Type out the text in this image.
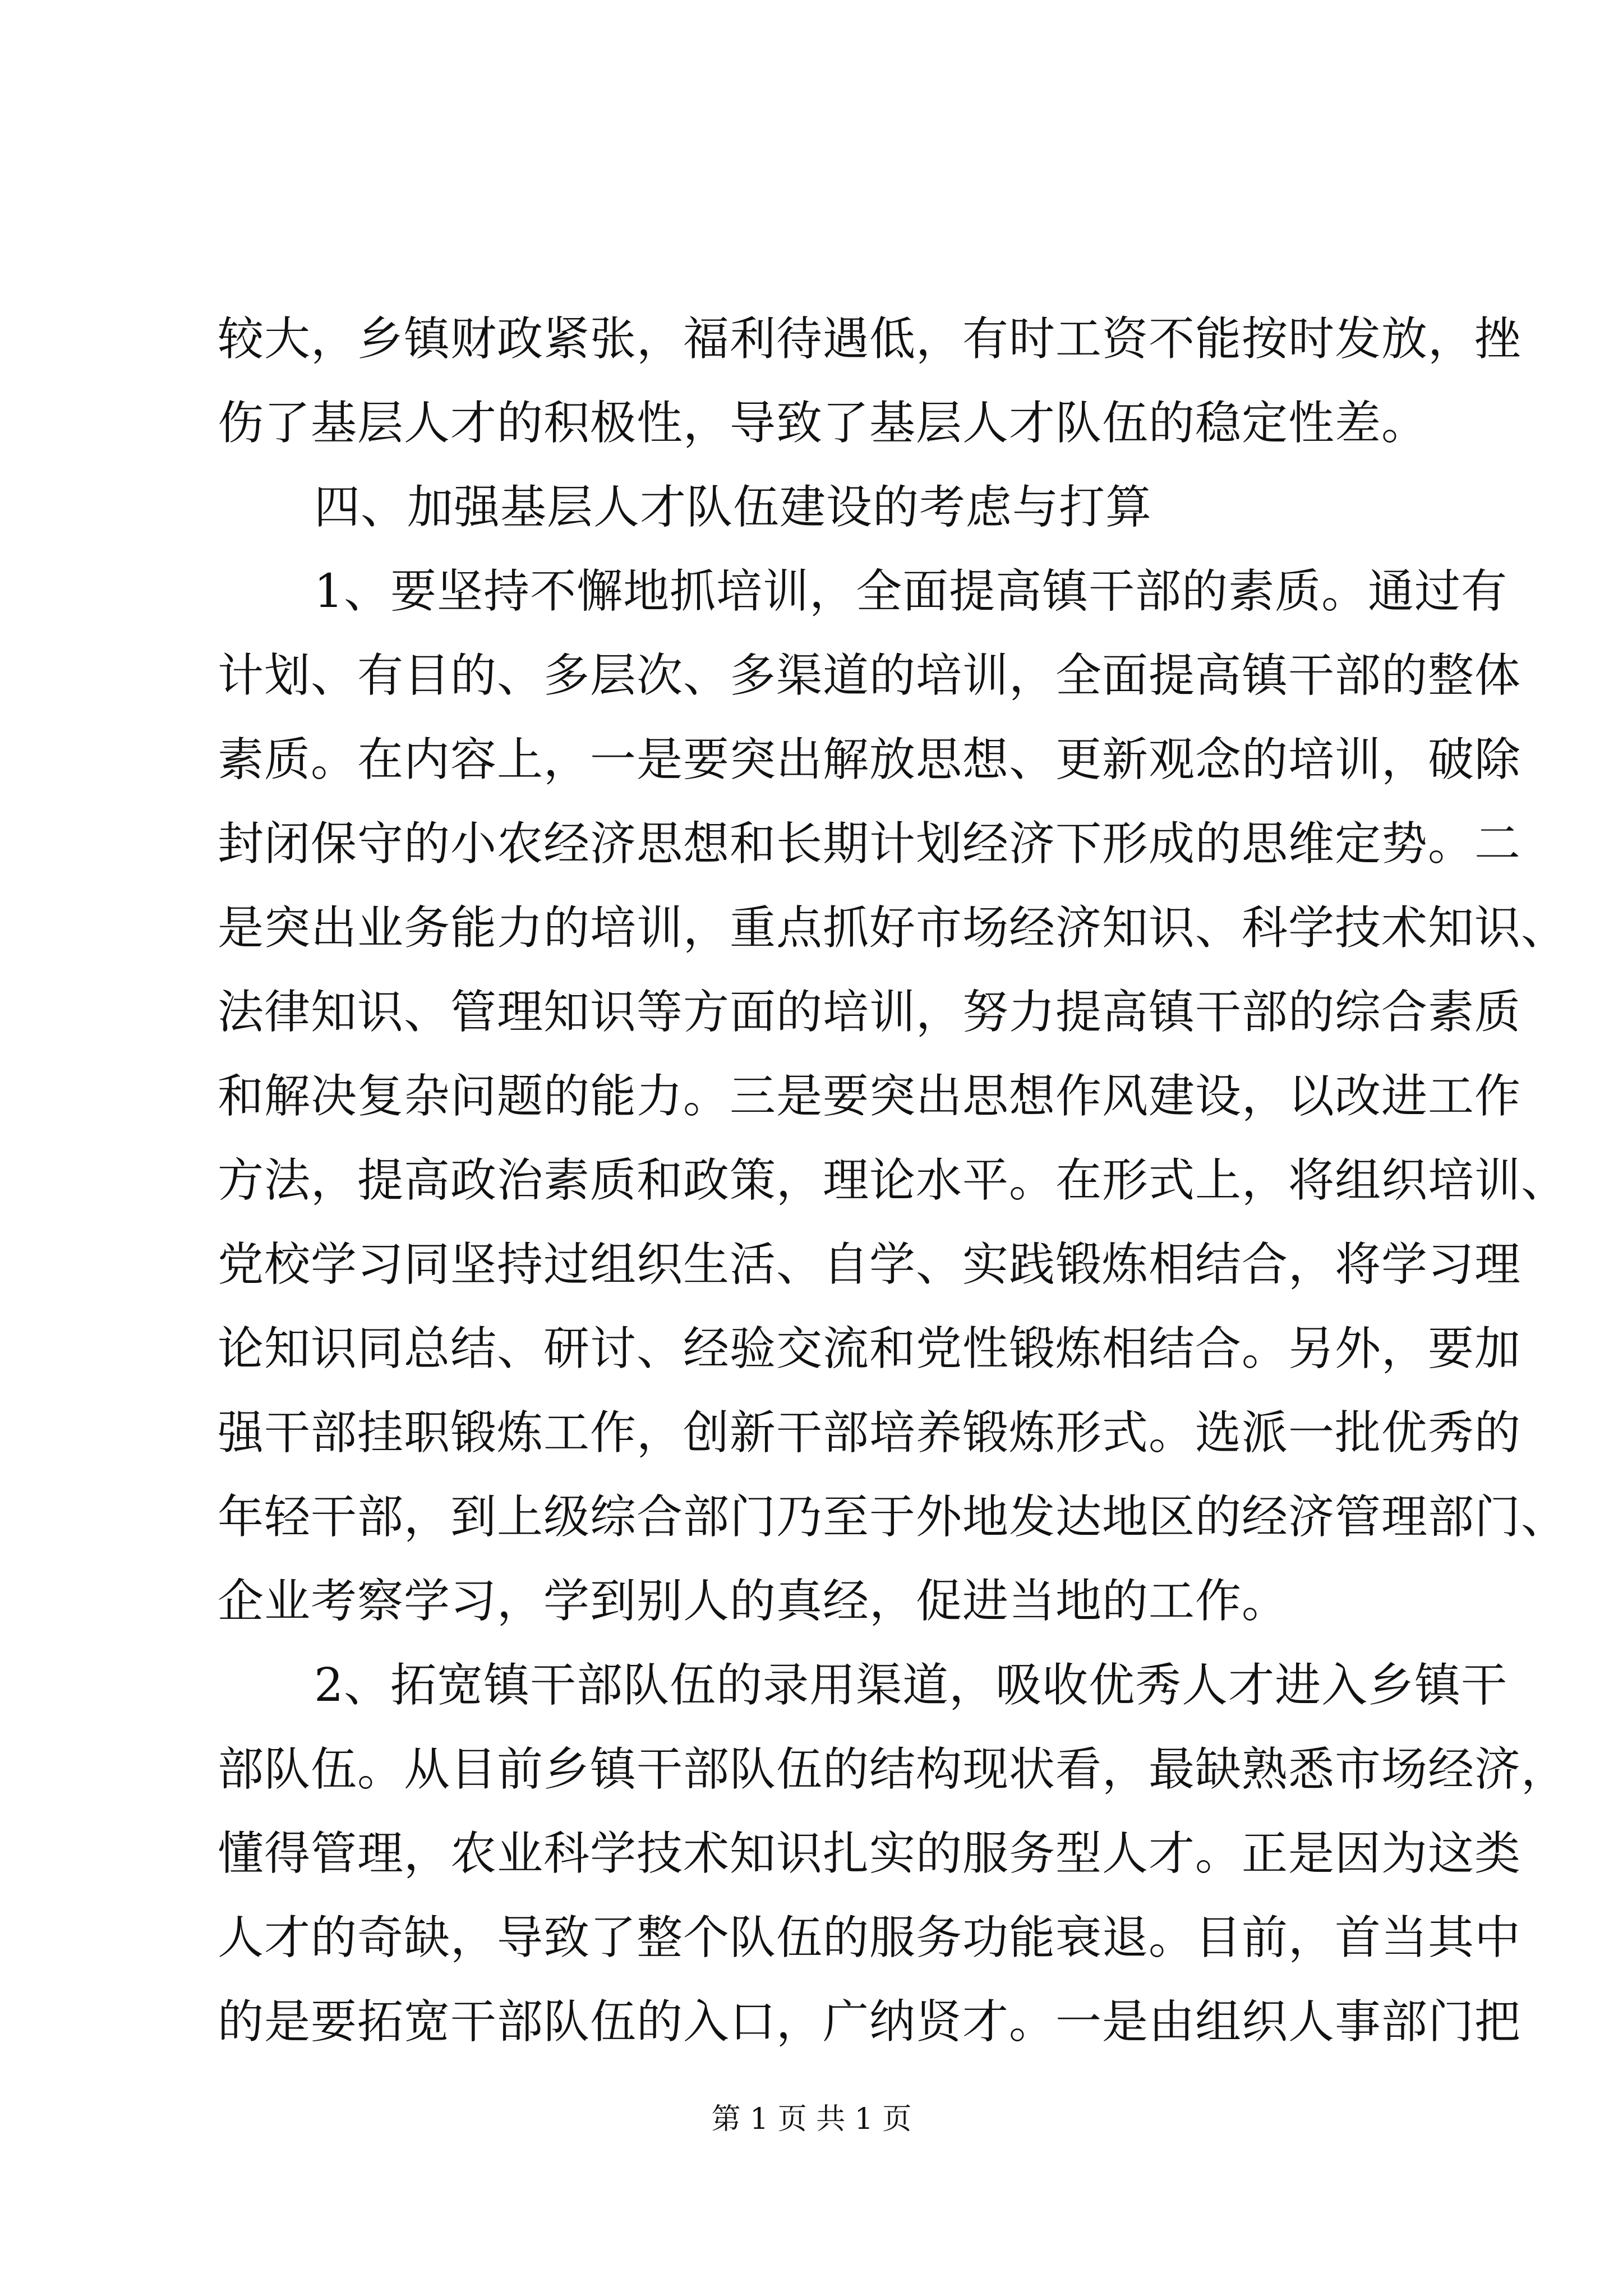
较大，乡镇财政紧张，福利待遇低，有时工资不能按时发放，挫
伤了基层人才的积极性，导致了基层人才队伍的稳定性差。
四、加强基层人才队伍建设的考虑与打算
1、要坚持不懈地抓培训，全面提高镇干部的素质。通过有
计划、有目的、多层次、多渠道的培训，全面提高镇干部的整体
素质。在内容上，一是要突出解放思想、更新观念的培训，破除
封闭保守的小农经济思想和长期计划经济下形成的思维定势。二
是突出业务能力的培训，重点抓好市场经济知识、科学技术知识、
法律知识、管理知识等方面的培训，努力提高镇干部的综合素质
和解决复杂问题的能力。三是要突出思想作风建设，以改进工作
方法，提高政治素质和政策，理论水平。在形式上，将组织培训、
党校学习同坚持过组织生活、自学、实践锻炼相结合，将学习理
论知识同总结、研讨、经验交流和党性锻炼相结合。另外，要加
强干部挂职锻炼工作，创新干部培养锻炼形式。选派一批优秀的
年轻干部，到上级综合部门乃至于外地发达地区的经济管理部门、
企业考察学习，学到别人的真经，促进当地的工作。
2、拓宽镇干部队伍的录用渠道，吸收优秀人才进入乡镇干
部队伍。从目前乡镇干部队伍的结构现状看，最缺熟悉市场经济，
懂得管理，农业科学技术知识扎实的服务型人才。正是因为这类
人才的奇缺，导致了整个队伍的服务功能衰退。目前，首当其中
的是要拓宽干部队伍的入口，广纳贤才。一是由组织人事部门把
第 1 页 共 1 页
